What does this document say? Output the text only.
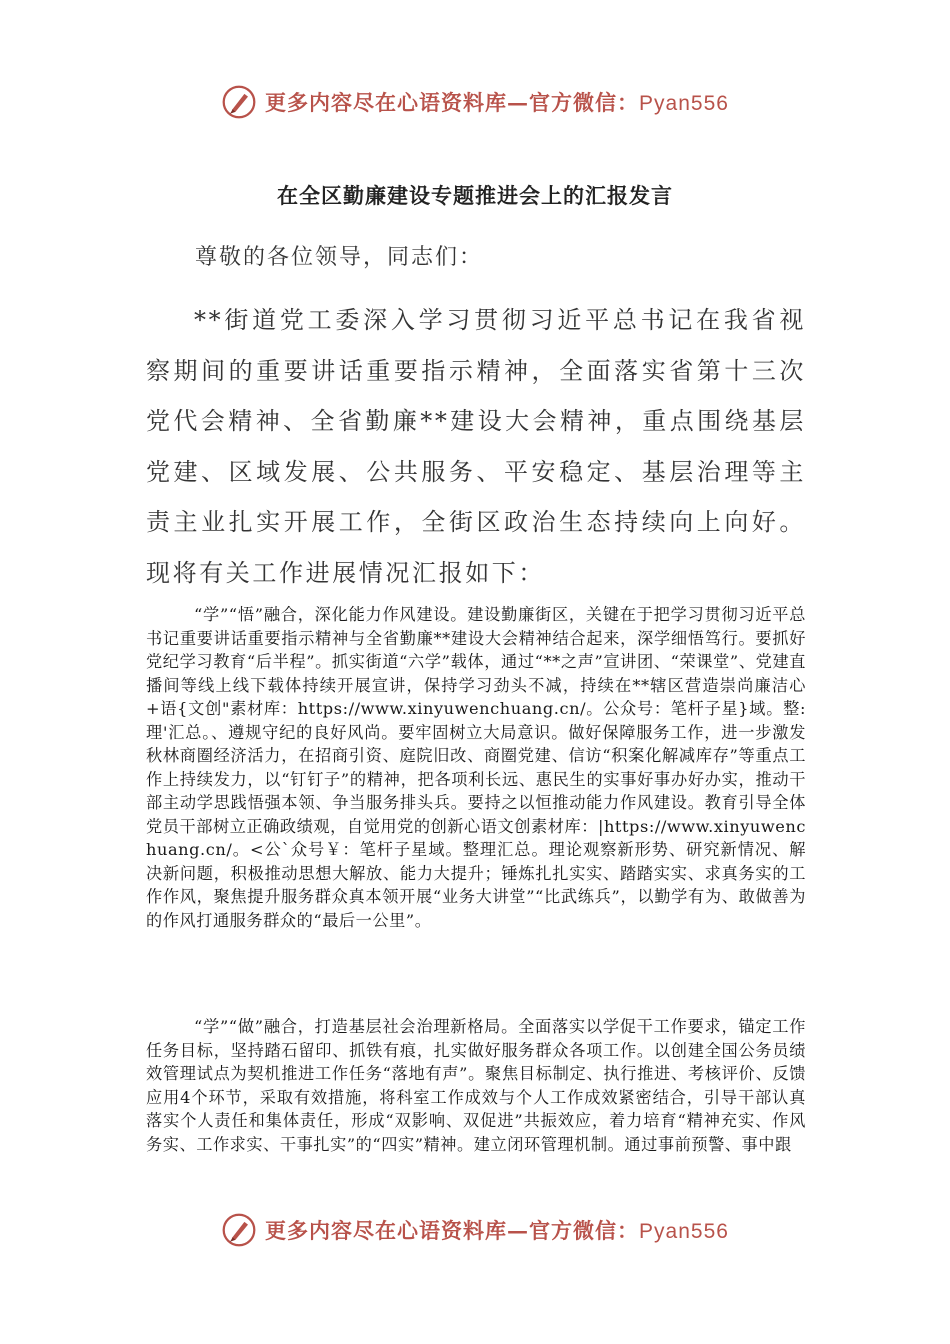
更多内容尽在心语资料库—官方微信：Pyan556
在全区勤廉建设专题推进会上的汇报发言
尊敬的各位领导，同志们：

**街道党工委深入学习贯彻习近平总书记在我省视察期间的重要讲话重要指示精神，全面落实省第十三次党代会精神、全省勤廉**建设大会精神，重点围绕基层党建、区域发展、公共服务、平安稳定、基层治理等主责主业扎实开展工作，全街区政治生态持续向上向好。现将有关工作进展情况汇报如下：

“学”“悟”融合，深化能力作风建设。建设勤廉街区，关键在于把学习贯彻习近平总书记重要讲话重要指示精神与全省勤廉**建设大会精神结合起来，深学细悟笃行。要抓好党纪学习教育“后半程”。抓实街道“六学”载体，通过“**之声”宣讲团、“荣课堂”、党建直播间等线上线下载体持续开展宣讲，保持学习劲头不减，持续在**辖区营造崇尚廉洁心+语{文创"素材库：https://www.xinyuwenchuang.cn/。公众号：笔杆子星}域。整:理'汇总。、遵规守纪的良好风尚。要牢固树立大局意识。做好保障服务工作，进一步激发秋林商圈经济活力，在招商引资、庭院旧改、商圈党建、信访“积案化解减库存”等重点工作上持续发力，以“钉钉子”的精神，把各项利长远、惠民生的实事好事办好办实，推动干部主动学思践悟强本领、争当服务排头兵。要持之以恒推动能力作风建设。教育引导全体党员干部树立正确政绩观，自觉用党的创新心语文创素材库：|https://www.xinyuwenchuang.cn/。<公`众号￥：笔杆子星域。整理汇总。理论观察新形势、研究新情况、解决新问题，积极推动思想大解放、能力大提升；锤炼扎扎实实、踏踏实实、求真务实的工作作风，聚焦提升服务群众真本领开展“业务大讲堂”“比武练兵”，以勤学有为、敢做善为的作风打通服务群众的“最后一公里”。

“学”“做”融合，打造基层社会治理新格局。全面落实以学促干工作要求，锚定工作任务目标，坚持踏石留印、抓铁有痕，扎实做好服务群众各项工作。以创建全国公务员绩效管理试点为契机推进工作任务“落地有声”。聚焦目标制定、执行推进、考核评价、反馈应用4个环节，采取有效措施，将科室工作成效与个人工作成效紧密结合，引导干部认真落实个人责任和集体责任，形成“双影响、双促进”共振效应，着力培育“精神充实、作风务实、工作求实、干事扎实”的“四实”精神。建立闭环管理机制。通过事前预警、事中跟

更多内容尽在心语资料库—官方微信：Pyan556
